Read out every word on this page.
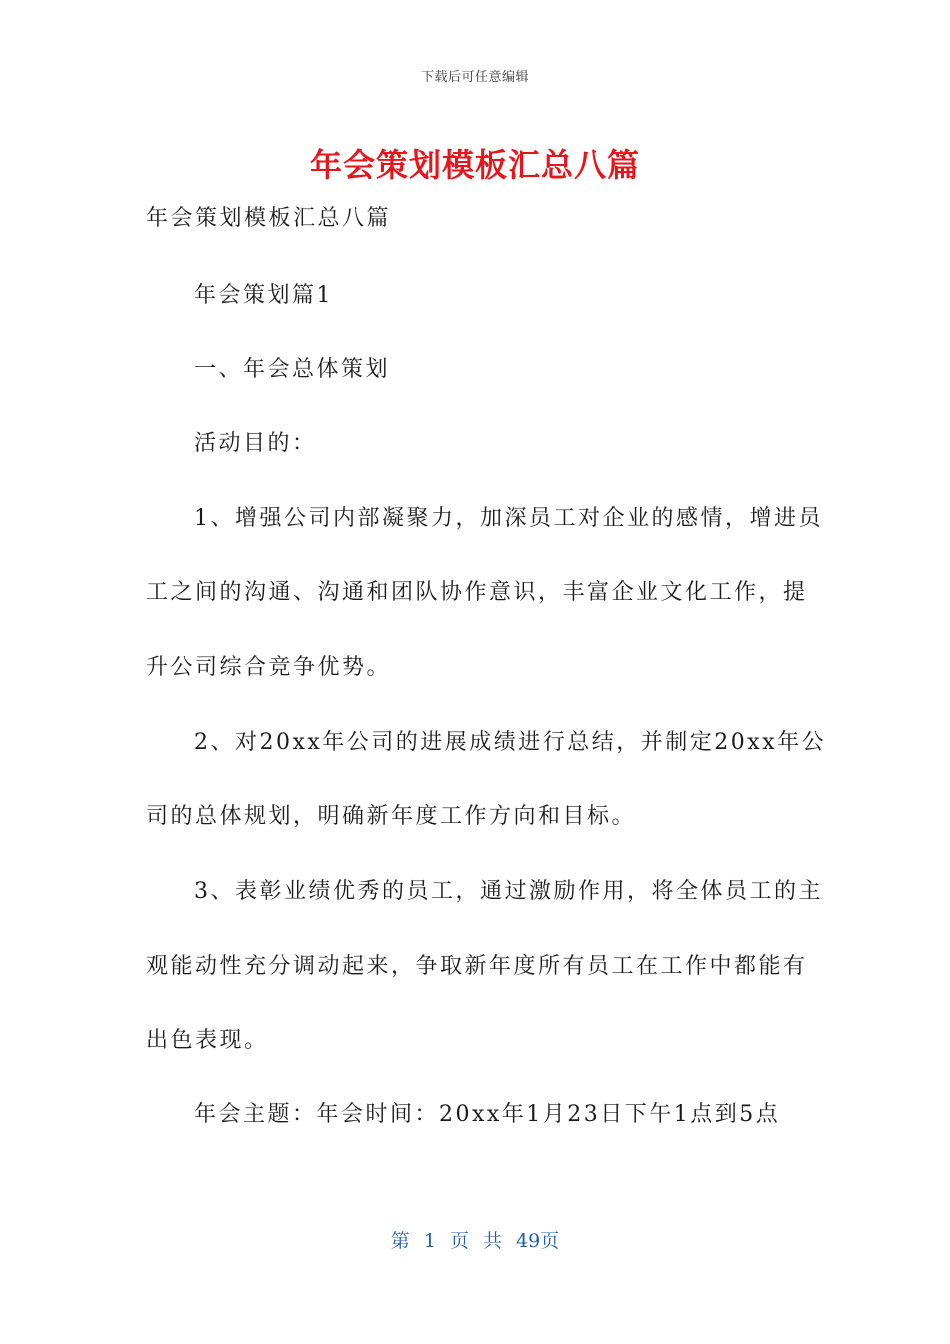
下载后可任意编辑
年会策划模板汇总八篇
年会策划模板汇总八篇
年会策划篇1
一、年会总体策划
活动目的：
1、增强公司内部凝聚力，加深员工对企业的感情，增进员
工之间的沟通、沟通和团队协作意识，丰富企业文化工作，提
升公司综合竞争优势。
2、对20xx年公司的进展成绩进行总结，并制定20xx年公
司的总体规划，明确新年度工作方向和目标。
3、表彰业绩优秀的员工，通过激励作用，将全体员工的主
观能动性充分调动起来，争取新年度所有员工在工作中都能有
出色表现。
年会主题：年会时间：20xx年1月23日下午1点到5点
第 1 页 共 49页
